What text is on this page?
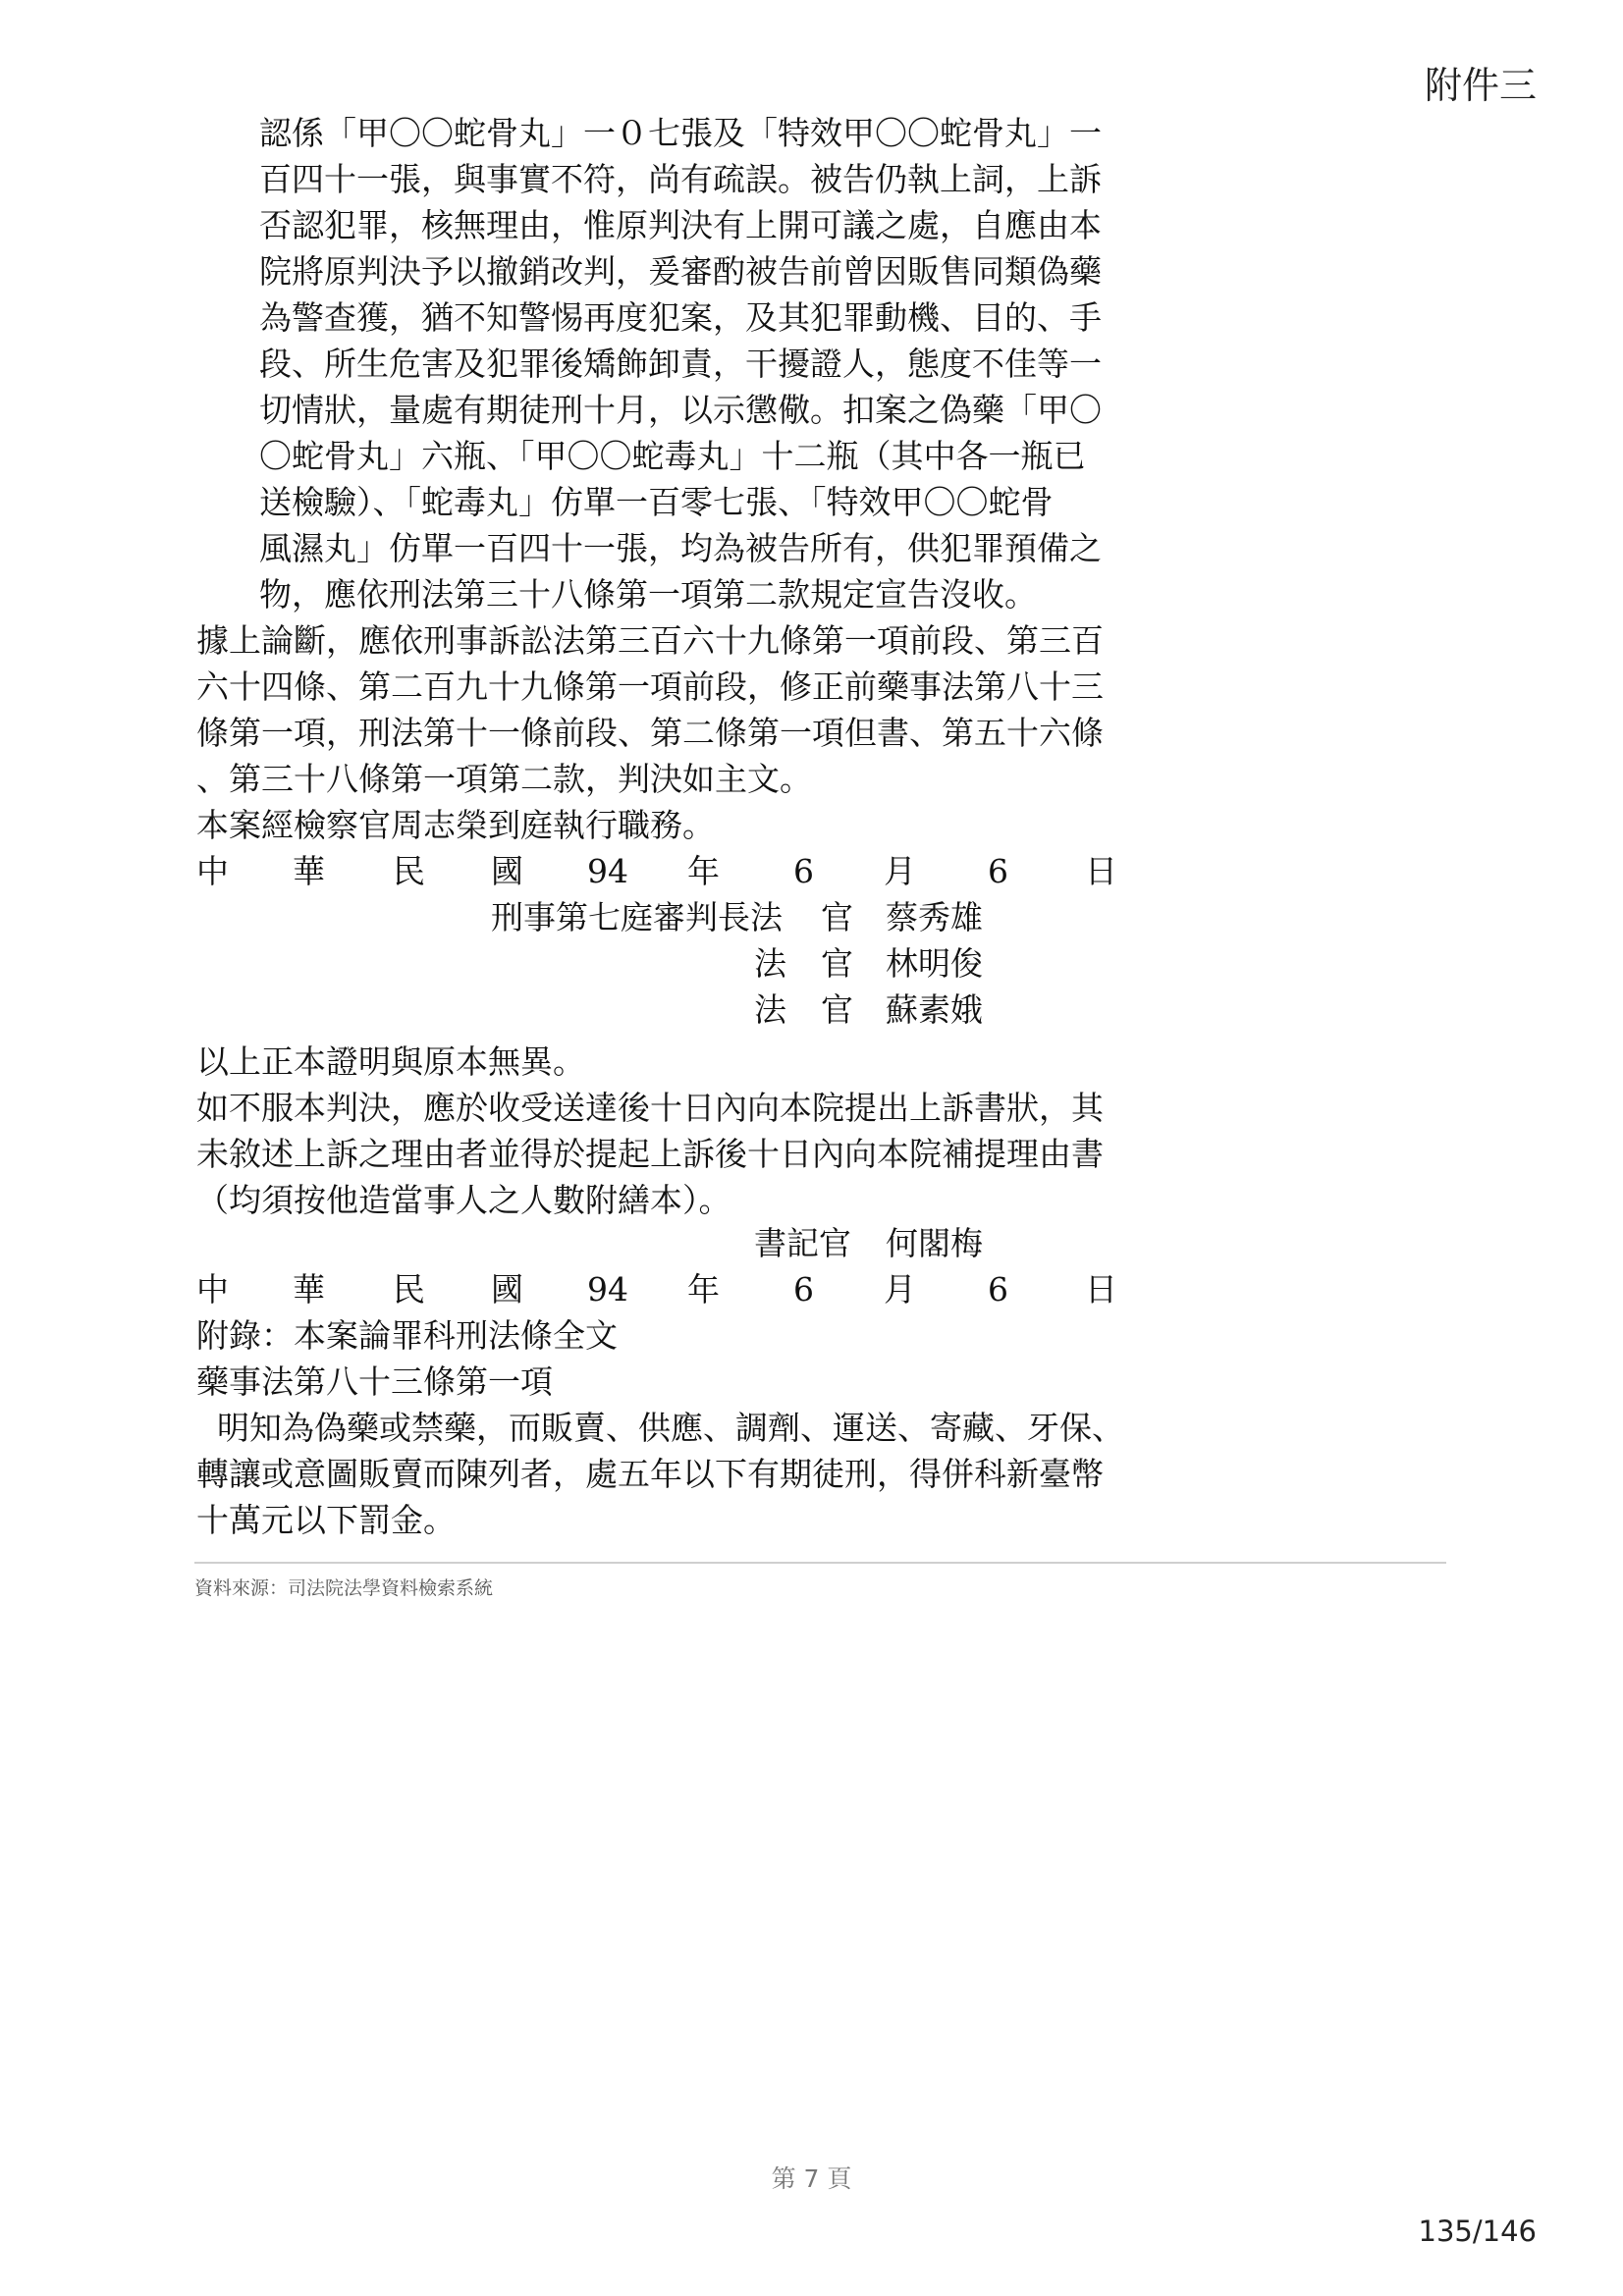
附件三
認係「甲〇〇蛇骨丸」一０七張及「特效甲〇〇蛇骨丸」一
百四十一張，與事實不符，尚有疏誤。被告仍執上詞，上訴
否認犯罪，核無理由，惟原判決有上開可議之處，自應由本
院將原判決予以撤銷改判，爰審酌被告前曾因販售同類偽藥
為警查獲，猶不知警惕再度犯案，及其犯罪動機、目的、手
段、所生危害及犯罪後矯飾卸責，干擾證人，態度不佳等一
切情狀，量處有期徒刑十月，以示懲儆。扣案之偽藥「甲〇
〇蛇骨丸」六瓶、「甲〇〇蛇毒丸」十二瓶（其中各一瓶已
送檢驗）、「蛇毒丸」仿單一百零七張、「特效甲〇〇蛇骨
風濕丸」仿單一百四十一張，均為被告所有，供犯罪預備之
物，應依刑法第三十八條第一項第二款規定宣告沒收。
據上論斷，應依刑事訴訟法第三百六十九條第一項前段、第三百
六十四條、第二百九十九條第一項前段，修正前藥事法第八十三
條第一項，刑法第十一條前段、第二條第一項但書、第五十六條
、第三十八條第一項第二款，判決如主文。
本案經檢察官周志榮到庭執行職務。
中 華 民 國 94 年 6 月 6 日
刑事第七庭審判長法 官 蔡秀雄
法 官 林明俊
法 官 蘇素娥
以上正本證明與原本無異。
如不服本判決，應於收受送達後十日內向本院提出上訴書狀，其
未敘述上訴之理由者並得於提起上訴後十日內向本院補提理由書
（均須按他造當事人之人數附繕本）。
書記官 何閣梅
中 華 民 國 94 年 6 月 6 日
附錄：本案論罪科刑法條全文
藥事法第八十三條第一項
明知為偽藥或禁藥，而販賣、供應、調劑、運送、寄藏、牙保、
轉讓或意圖販賣而陳列者，處五年以下有期徒刑，得併科新臺幣
十萬元以下罰金。
資料來源：司法院法學資料檢索系統
第 7 頁
135/146
